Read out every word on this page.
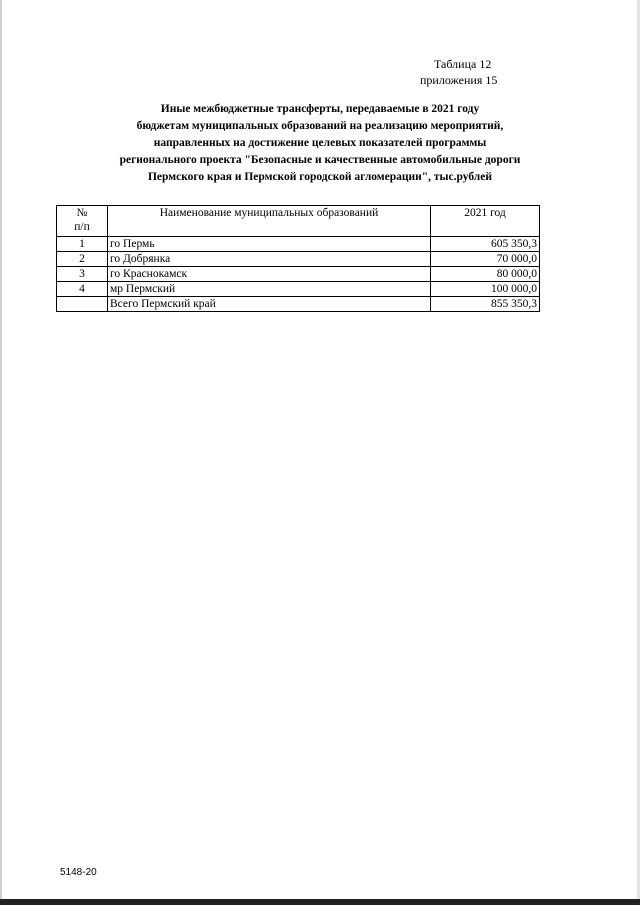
Таблица 12
приложения 15
Иные межбюджетные трансферты, передаваемые в 2021 году
бюджетам муниципальных образований на реализацию мероприятий,
направленных на достижение целевых показателей программы
регионального проекта "Безопасные и качественные автомобильные дороги
Пермского края и Пермской городской агломерации", тыс.рублей
№
п/п	Наименование муниципальных образований	2021 год
1	го Пермь	605 350,3
2	го Добрянка	70 000,0
3	го Краснокамск	80 000,0
4	мр Пермский	100 000,0
	Всего Пермский край	855 350,3
5148-20
